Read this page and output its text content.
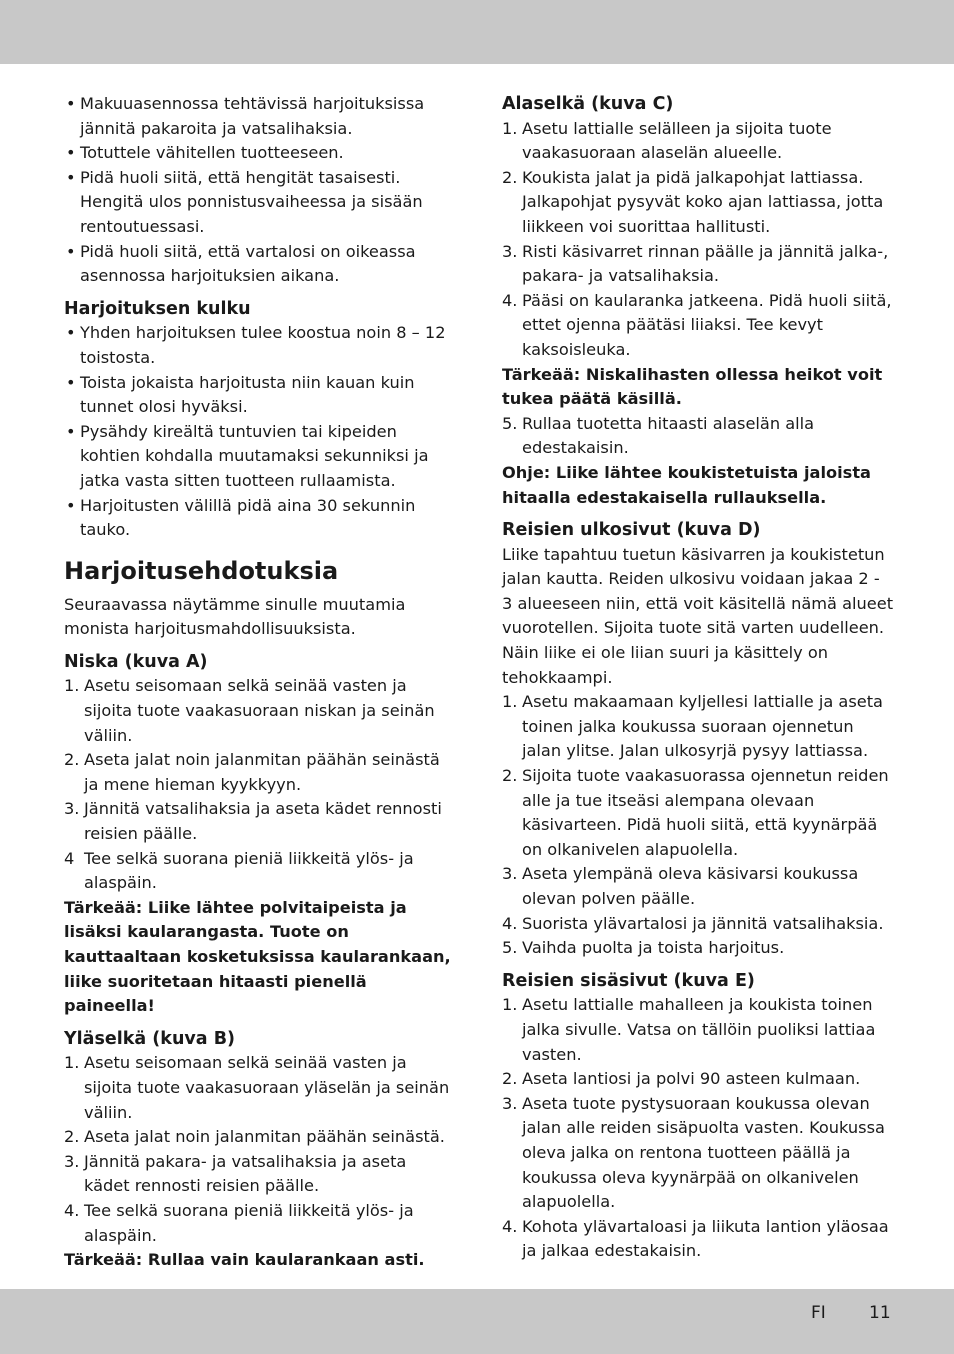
• Makuuasennossa tehtävissä harjoituksissa jännitä pakaroita ja vatsalihaksia.
• Totuttele vähitellen tuotteeseen.
• Pidä huoli siitä, että hengität tasaisesti. Hengitä ulos ponnistusvaiheessa ja sisään rentoutuessasi.
• Pidä huoli siitä, että vartalosi on oikeassa asennossa harjoituksien aikana.
Harjoituksen kulku
• Yhden harjoituksen tulee koostua noin 8 – 12 toistosta.
• Toista jokaista harjoitusta niin kauan kuin tunnet olosi hyväksi.
• Pysähdy kireältä tuntuvien tai kipeiden kohtien kohdalla muutamaksi sekunniksi ja jatka vasta sitten tuotteen rullaamista.
• Harjoitusten välillä pidä aina 30 sekunnin tauko.
Harjoitusehdotuksia

Seuraavassa näytämme sinulle muutamia monista harjoitusmahdollisuuksista.

Niska (kuva A)
1. Asetu seisomaan selkä seinää vasten ja sijoita tuote vaakasuoraan niskan ja seinän väliin.
2. Aseta jalat noin jalanmitan päähän seinästä ja mene hieman kyykkyyn.
3. Jännitä vatsalihaksia ja aseta kädet rennosti reisien päälle.
4 Tee selkä suorana pieniä liikkeitä ylös- ja alaspäin.

Tärkeää: Liike lähtee polvitaipeista ja lisäksi kaularangasta. Tuote on kauttaaltaan kosketuksissa kaularankaan, liike suoritetaan hitaasti pienellä paineella!

Yläselkä (kuva B)
1. Asetu seisomaan selkä seinää vasten ja sijoita tuote vaakasuoraan yläselän ja seinän väliin.
2. Aseta jalat noin jalanmitan päähän seinästä.
3. Jännitä pakara- ja vatsalihaksia ja aseta kädet rennosti reisien päälle.
4. Tee selkä suorana pieniä liikkeitä ylös- ja alaspäin.

Tärkeää: Rullaa vain kaularankaan asti.

Alaselkä (kuva C)
1. Asetu lattialle selälleen ja sijoita tuote vaakasuoraan alaselän alueelle.
2. Koukista jalat ja pidä jalkapohjat lattiassa. Jalkapohjat pysyvät koko ajan lattiassa, jotta liikkeen voi suorittaa hallitusti.
3. Risti käsivarret rinnan päälle ja jännitä jalka-, pakara- ja vatsalihaksia.
4. Pääsi on kaularanka jatkeena. Pidä huoli siitä, ettet ojenna päätäsi liiaksi. Tee kevyt kaksoisleuka.

Tärkeää: Niskalihasten ollessa heikot voit tukea päätä käsillä.

5. Rullaa tuotetta hitaasti alaselän alla edestakaisin.

Ohje: Liike lähtee koukistetuista jaloista hitaalla edestakaisella rullauksella.

Reisien ulkosivut (kuva D)

Liike tapahtuu tuetun käsivarren ja koukistetun jalan kautta. Reiden ulkosivu voidaan jakaa 2 - 3 alueeseen niin, että voit käsitellä nämä alueet vuorotellen. Sijoita tuote sitä varten uudelleen. Näin liike ei ole liian suuri ja käsittely on tehokkaampi.

1. Asetu makaamaan kyljellesi lattialle ja aseta toinen jalka koukussa suoraan ojennetun jalan ylitse. Jalan ulkosyrjä pysyy lattiassa.
2. Sijoita tuote vaakasuorassa ojennetun reiden alle ja tue itseäsi alempana olevaan käsivarteen. Pidä huoli siitä, että kyynärpää on olkanivelen alapuolella.
3. Aseta ylempänä oleva käsivarsi koukussa olevan polven päälle.
4. Suorista ylävartalosi ja jännitä vatsalihaksia.
5. Vaihda puolta ja toista harjoitus.
Reisien sisäsivut (kuva E)
1. Asetu lattialle mahalleen ja koukista toinen jalka sivulle. Vatsa on tällöin puoliksi lattiaa vasten.
2. Aseta lantiosi ja polvi 90 asteen kulmaan.
3. Aseta tuote pystysuoraan koukussa olevan jalan alle reiden sisäpuolta vasten. Koukussa oleva jalka on rentona tuotteen päällä ja koukussa oleva kyynärpää on olkanivelen alapuolella.
4. Kohota ylävartaloasi ja liikuta lantion yläosaa ja jalkaa edestakaisin.
FI	11
